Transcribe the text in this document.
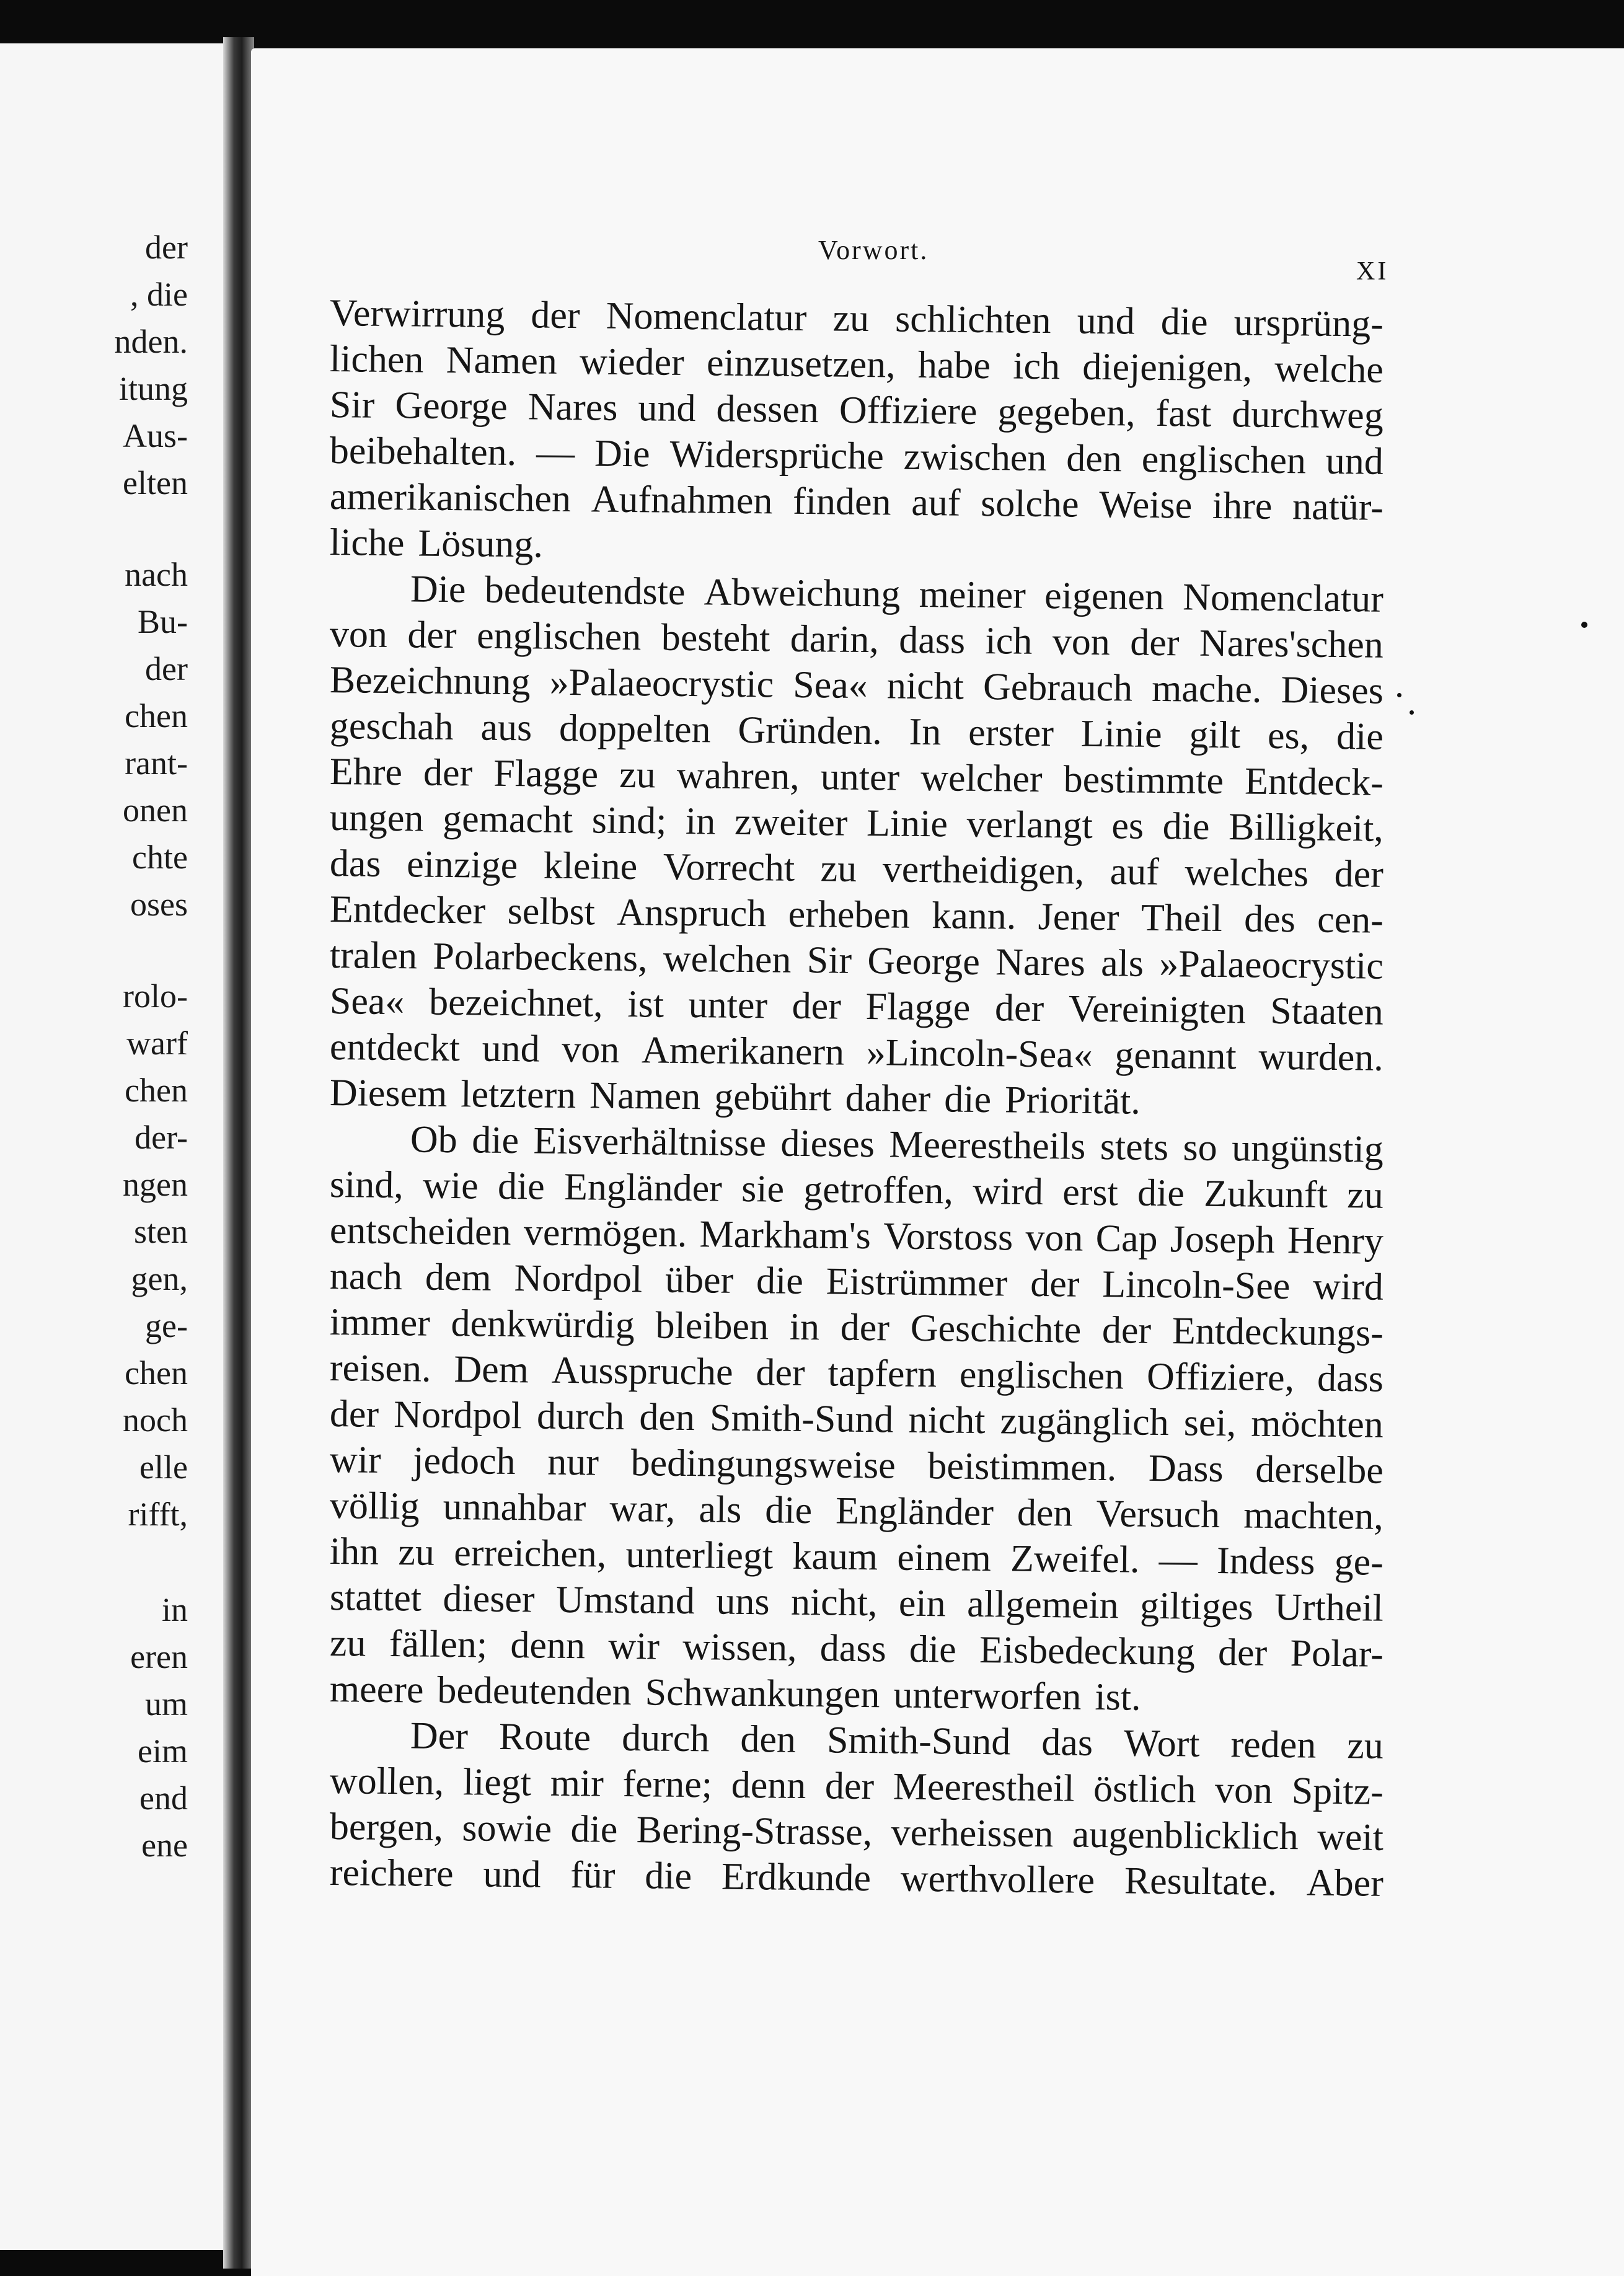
der
, die
nden.
itung
Aus-
elten
nach
Bu-
der
chen
rant-
onen
chte
oses
rolo-
warf
chen
der-
ngen
sten
gen,
ge-
chen
noch
elle
rifft,
in
eren
um
eim
end
ene
Vorwort.
XI
Verwirrung der Nomenclatur zu schlichten und die ursprüng-
lichen Namen wieder einzusetzen, habe ich diejenigen, welche
Sir George Nares und dessen Offiziere gegeben, fast durchweg
beibehalten. — Die Widersprüche zwischen den englischen und
amerikanischen Aufnahmen finden auf solche Weise ihre natür-
liche Lösung.
Die bedeutendste Abweichung meiner eigenen Nomenclatur
von der englischen besteht darin, dass ich von der Nares'schen
Bezeichnung »Palaeocrystic Sea« nicht Gebrauch mache. Dieses
geschah aus doppelten Gründen. In erster Linie gilt es, die
Ehre der Flagge zu wahren, unter welcher bestimmte Entdeck-
ungen gemacht sind; in zweiter Linie verlangt es die Billigkeit,
das einzige kleine Vorrecht zu vertheidigen, auf welches der
Entdecker selbst Anspruch erheben kann. Jener Theil des cen-
tralen Polarbeckens, welchen Sir George Nares als »Palaeocrystic
Sea« bezeichnet, ist unter der Flagge der Vereinigten Staaten
entdeckt und von Amerikanern »Lincoln-Sea« genannt wurden.
Diesem letztern Namen gebührt daher die Priorität.
Ob die Eisverhältnisse dieses Meerestheils stets so ungünstig
sind, wie die Engländer sie getroffen, wird erst die Zukunft zu
entscheiden vermögen. Markham's Vorstoss von Cap Joseph Henry
nach dem Nordpol über die Eistrümmer der Lincoln-See wird
immer denkwürdig bleiben in der Geschichte der Entdeckungs-
reisen. Dem Ausspruche der tapfern englischen Offiziere, dass
der Nordpol durch den Smith-Sund nicht zugänglich sei, möchten
wir jedoch nur bedingungsweise beistimmen. Dass derselbe
völlig unnahbar war, als die Engländer den Versuch machten,
ihn zu erreichen, unterliegt kaum einem Zweifel. — Indess ge-
stattet dieser Umstand uns nicht, ein allgemein giltiges Urtheil
zu fällen; denn wir wissen, dass die Eisbedeckung der Polar-
meere bedeutenden Schwankungen unterworfen ist.
Der Route durch den Smith-Sund das Wort reden zu
wollen, liegt mir ferne; denn der Meerestheil östlich von Spitz-
bergen, sowie die Bering-Strasse, verheissen augenblicklich weit
reichere und für die Erdkunde werthvollere Resultate. Aber
